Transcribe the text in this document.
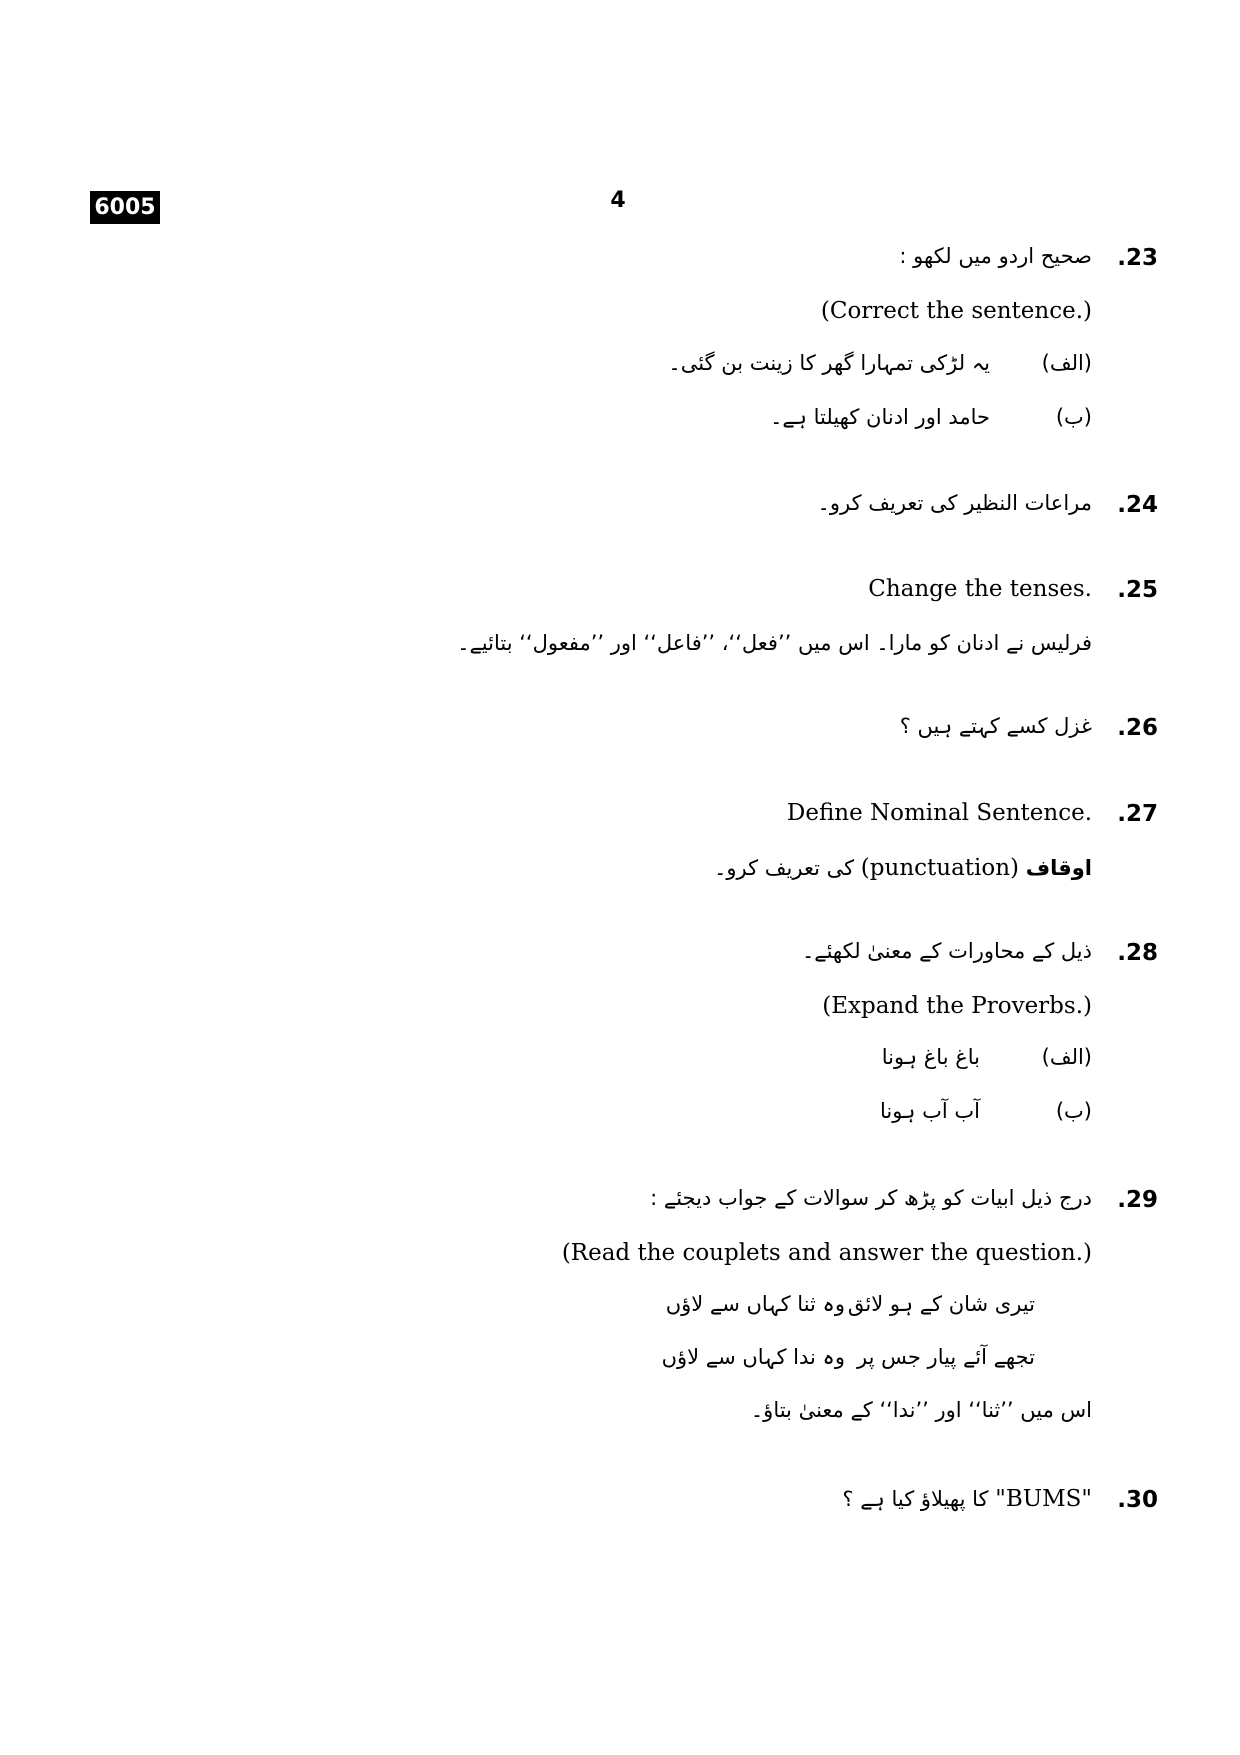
6005	4
.23
صحیح اردو میں لکھو :
(Correct the sentence.)
(الف)
یہ لڑکی تمہارا گھر کا زینت بن گئی۔
(ب)
حامد اور ادنان کھیلتا ہے۔
.24
مراعات النظیر کی تعریف کرو۔
.25
Change the tenses.
فرلیس نے ادنان کو مارا۔ اس میں ’’فعل‘‘، ’’فاعل‘‘ اور ’’مفعول‘‘ بتائیے۔
.26
غزل کسے کہتے ہیں ؟
.27
Define Nominal Sentence.
اوقاف (punctuation) کی تعریف کرو۔
.28
ذیل کے محاورات کے معنیٰ لکھئے۔
(Expand the Proverbs.)
(الف)
باغ باغ ہونا
(ب)
آب آب ہونا
.29
درج ذیل ابیات کو پڑھ کر سوالات کے جواب دیجئے :
(Read the couplets and answer the question.)
تیری شان کے ہو لائق
وہ ثنا کہاں سے لاؤں
تجھے آئے پیار جس پر
وہ ندا کہاں سے لاؤں
اس میں ’’ثنا‘‘ اور ’’ندا‘‘ کے معنیٰ بتاؤ۔
.30
"BUMS" کا پھیلاؤ کیا ہے ؟
